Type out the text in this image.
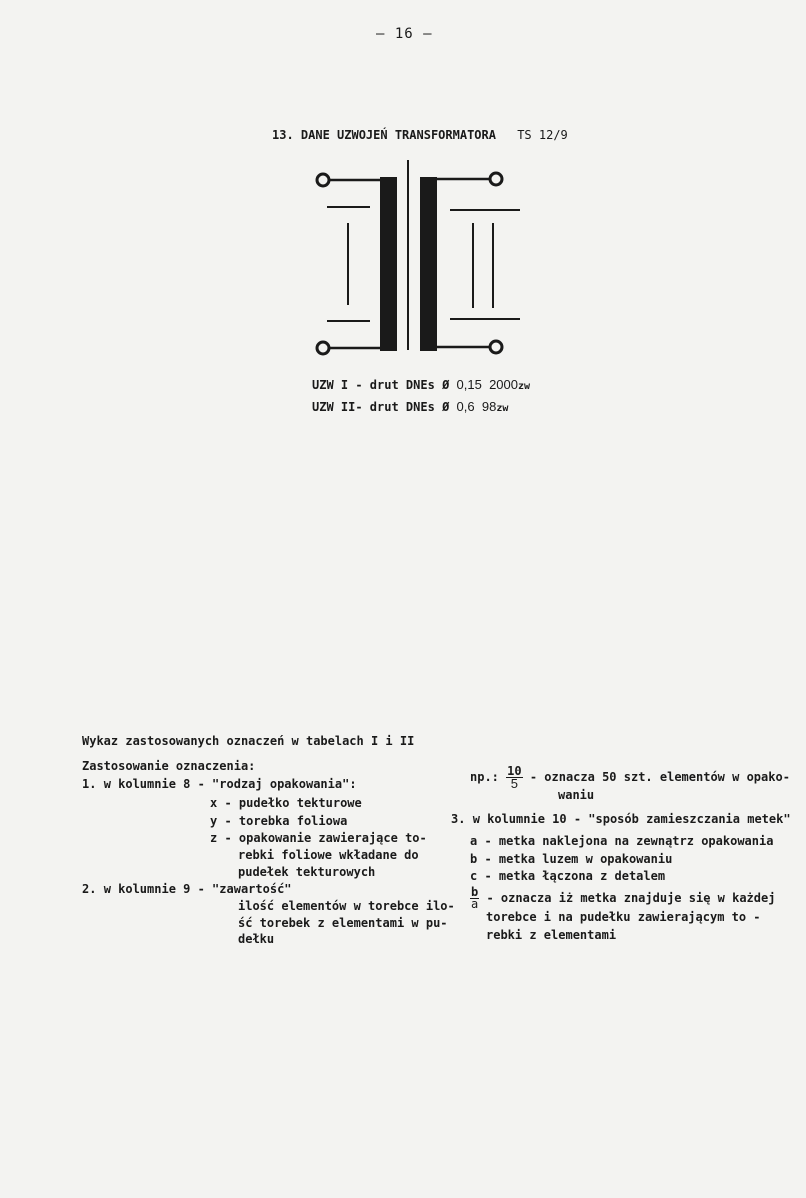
— 16 —
13. DANE UZWOJEŃ TRANSFORMATORA TS 12/9
UZW I - drut DNEs Ø 0,15 2000zw
UZW II- drut DNEs Ø 0,6 98zw
Wykaz zastosowanych oznaczeń w tabelach I i II
Zastosowanie oznaczenia:
1. w kolumnie 8 - "rodzaj opakowania":
x - pudełko tekturowe
y - torebka foliowa
z - opakowanie zawierające to-
rebki foliowe wkładane do
pudełek tekturowych
2. w kolumnie 9 - "zawartość"
ilość elementów w torebce ilo-
ść torebek z elementami w pu-
dełku
np.: $\frac{10}{5}$ - oznacza 50 szt. elementów w opako-
waniu
3. w kolumnie 10 - "sposób zamieszczania metek"
a - metka naklejona na zewnątrz opakowania
b - metka luzem w opakowaniu
c - metka łączona z detalem
$\frac{b}{a}$ - oznacza iż metka znajduje się w każdej
torebce i na pudełku zawierającym to -
rebki z elementami
